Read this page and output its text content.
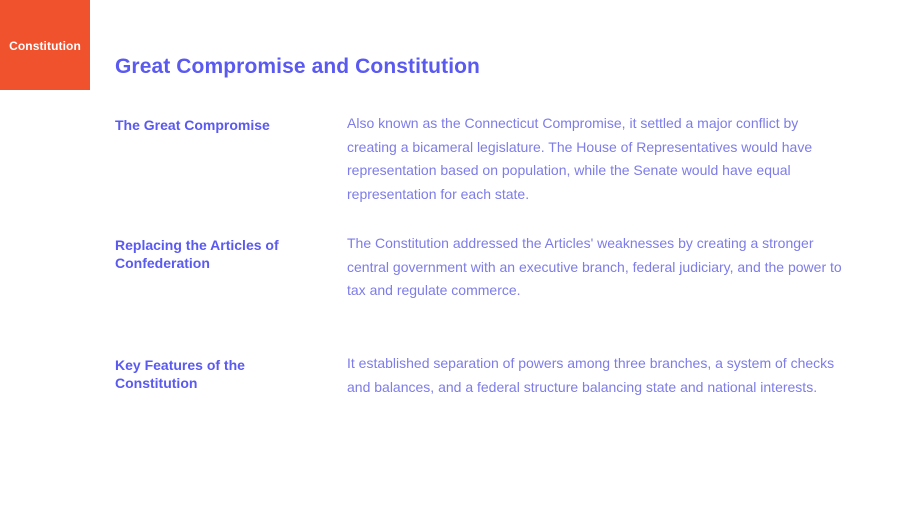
Constitution
Great Compromise and Constitution
The Great Compromise	Also known as the Connecticut Compromise, it settled a major conflict by creating a bicameral legislature. The House of Representatives would have representation based on population, while the Senate would have equal representation for each state.
Replacing the Articles of Confederation
The Constitution addressed the Articles' weaknesses by creating a stronger central government with an executive branch, federal judiciary, and the power to tax and regulate commerce.
Key Features of the Constitution
It established separation of powers among three branches, a system of checks and balances, and a federal structure balancing state and national interests.
